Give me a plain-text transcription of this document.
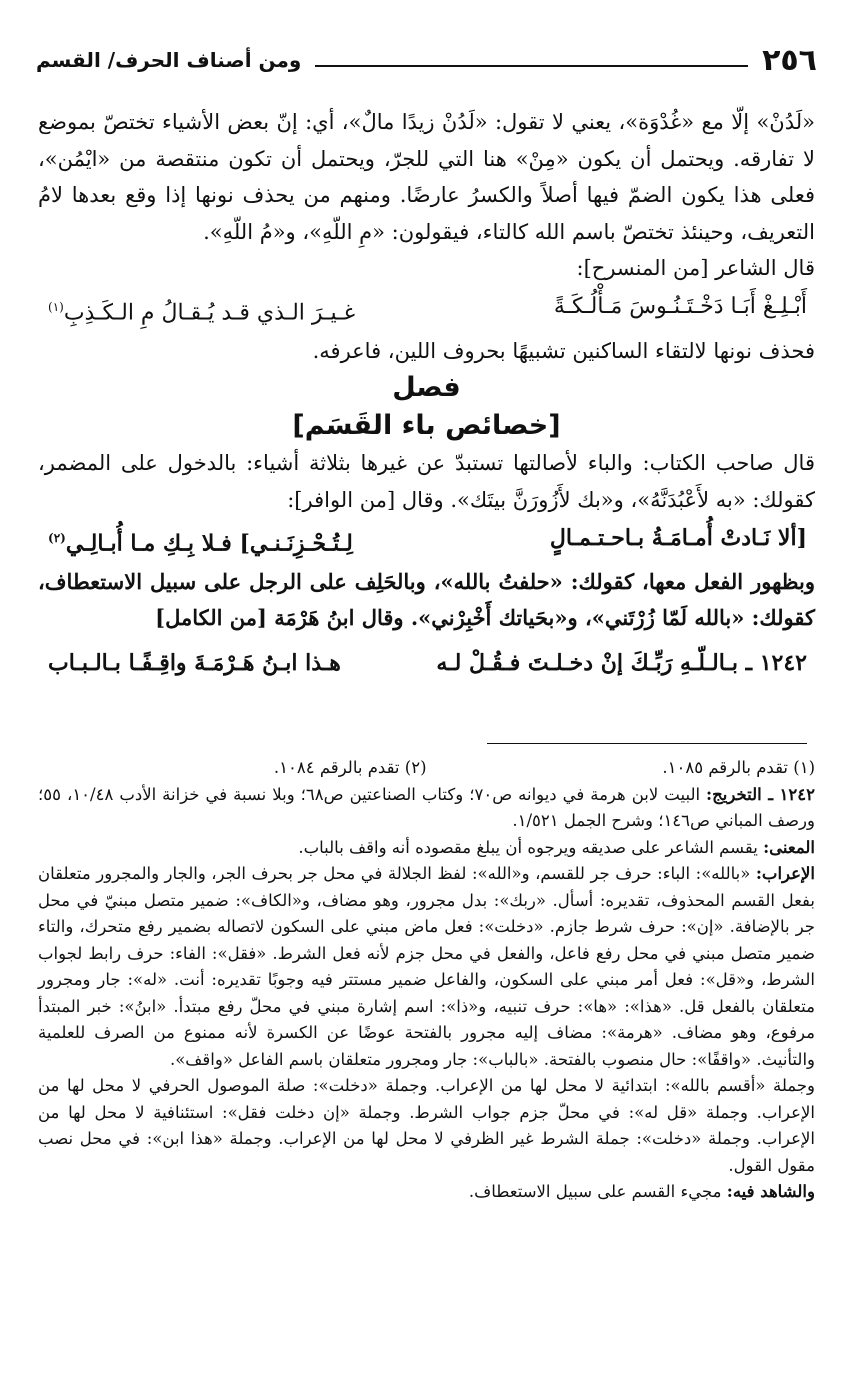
٢٥٦
ومن أصناف الحرف/ القسم

«لَدُنْ» إلّا مع «غُدْوَة»، يعني لا تقول: «لَدُنْ زيدًا مالٌ»، أي: إنّ بعض الأشياء تختصّ بموضع لا تفارقه. ويحتمل أن يكون «مِنْ» هنا التي للجرّ، ويحتمل أن تكون منتقصة من «ايْمُن»، فعلى هذا يكون الضمّ فيها أصلاً والكسرُ عارضًا. ومنهم من يحذف نونها إذا وقع بعدها لامُ التعريف، وحينئذ تختصّ باسم الله كالتاء، فيقولون: «مِ اللّهِ»، و«مُ اللّهِ».

قال الشاعر [من المنسرح]:

أَبْـلِـغْ أَبَـا دَخْـتَـنُـوسَ مَـأْلُـكَـةً
غـيـرَ الـذي قـد يُـقـالُ مِ الـكَـذِبِ$^{(١)}$

فحذف نونها لالتقاء الساكنين تشبيهًا بحروف اللين، فاعرفه.

فصل
[خصائص باء القَسَم]

قال صاحب الكتاب: والباء لأصالتها تستبدّ عن غيرها بثلاثة أشياء: بالدخول على المضمر، كقولك: «به لأَعْبُدَنَّهُ»، و«بك لأَزُورَنَّ بيتَك». وقال [من الوافر]:

[ألا نَـادتْ أُمـامَـةُ بـاحـتـمـالٍ
لِـتُـحْـزِنَـنـي] فـلا بِـكِ مـا أُبـالِـي$^{(٢)}$

وبظهور الفعل معها، كقولك: «حلفتُ بالله»، وبالحَلِف على الرجل على سبيل الاستعطاف، كقولك: «بالله لَمّا زُرْتَني»، و«بحَياتك أَخْبِرْني». وقال ابنُ هَرْمَة [من الكامل]

١٢٤٢ ـ بـالـلّـهِ رَبِّـكَ إنْ دخـلـتَ فـقُـلْ لـه
هـذا ابـنُ هَـرْمَـةَ واقِـفًـا بـالـبـاب
(١) تقدم بالرقم ١٠٨٥.
(٢) تقدم بالرقم ١٠٨٤.

١٢٤٢ ـ التخريج: البيت لابن هرمة في ديوانه ص٧٠؛ وكتاب الصناعتين ص٦٨؛ وبلا نسبة في خزانة الأدب ١٠/٤٨، ٥٥؛ ورصف المباني ص١٤٦؛ وشرح الجمل ١/٥٢١.

المعنى: يقسم الشاعر على صديقه ويرجوه أن يبلغ مقصوده أنه واقف بالباب.

الإعراب: «بالله»: الباء: حرف جر للقسم، و«الله»: لفظ الجلالة في محل جر بحرف الجر، والجار والمجرور متعلقان بفعل القسم المحذوف، تقديره: أسأل. «ربك»: بدل مجرور، وهو مضاف، و«الكاف»: ضمير متصل مبنيّ في محل جر بالإضافة. «إن»: حرف شرط جازم. «دخلت»: فعل ماض مبني على السكون لاتصاله بضمير رفع متحرك، والتاء ضمير متصل مبني في محل رفع فاعل، والفعل في محل جزم لأنه فعل الشرط. «فقل»: الفاء: حرف رابط لجواب الشرط، و«قل»: فعل أمر مبني على السكون، والفاعل ضمير مستتر فيه وجوبًا تقديره: أنت. «له»: جار ومجرور متعلقان بالفعل قل. «هذا»: «ها»: حرف تنبيه، و«ذا»: اسم إشارة مبني في محلّ رفع مبتدأ. «ابنُ»: خبر المبتدأ مرفوع، وهو مضاف. «هرمة»: مضاف إليه مجرور بالفتحة عوضًا عن الكسرة لأنه ممنوع من الصرف للعلمية والتأنيث. «واقفًا»: حال منصوب بالفتحة. «بالباب»: جار ومجرور متعلقان باسم الفاعل «واقف».

وجملة «أقسم بالله»: ابتدائية لا محل لها من الإعراب. وجملة «دخلت»: صلة الموصول الحرفي لا محل لها من الإعراب. وجملة «قل له»: في محلّ جزم جواب الشرط. وجملة «إن دخلت فقل»: استئنافية لا محل لها من الإعراب. وجملة «دخلت»: جملة الشرط غير الظرفي لا محل لها من الإعراب. وجملة «هذا ابن»: في محل نصب مقول القول.

والشاهد فيه: مجيء القسم على سبيل الاستعطاف.
